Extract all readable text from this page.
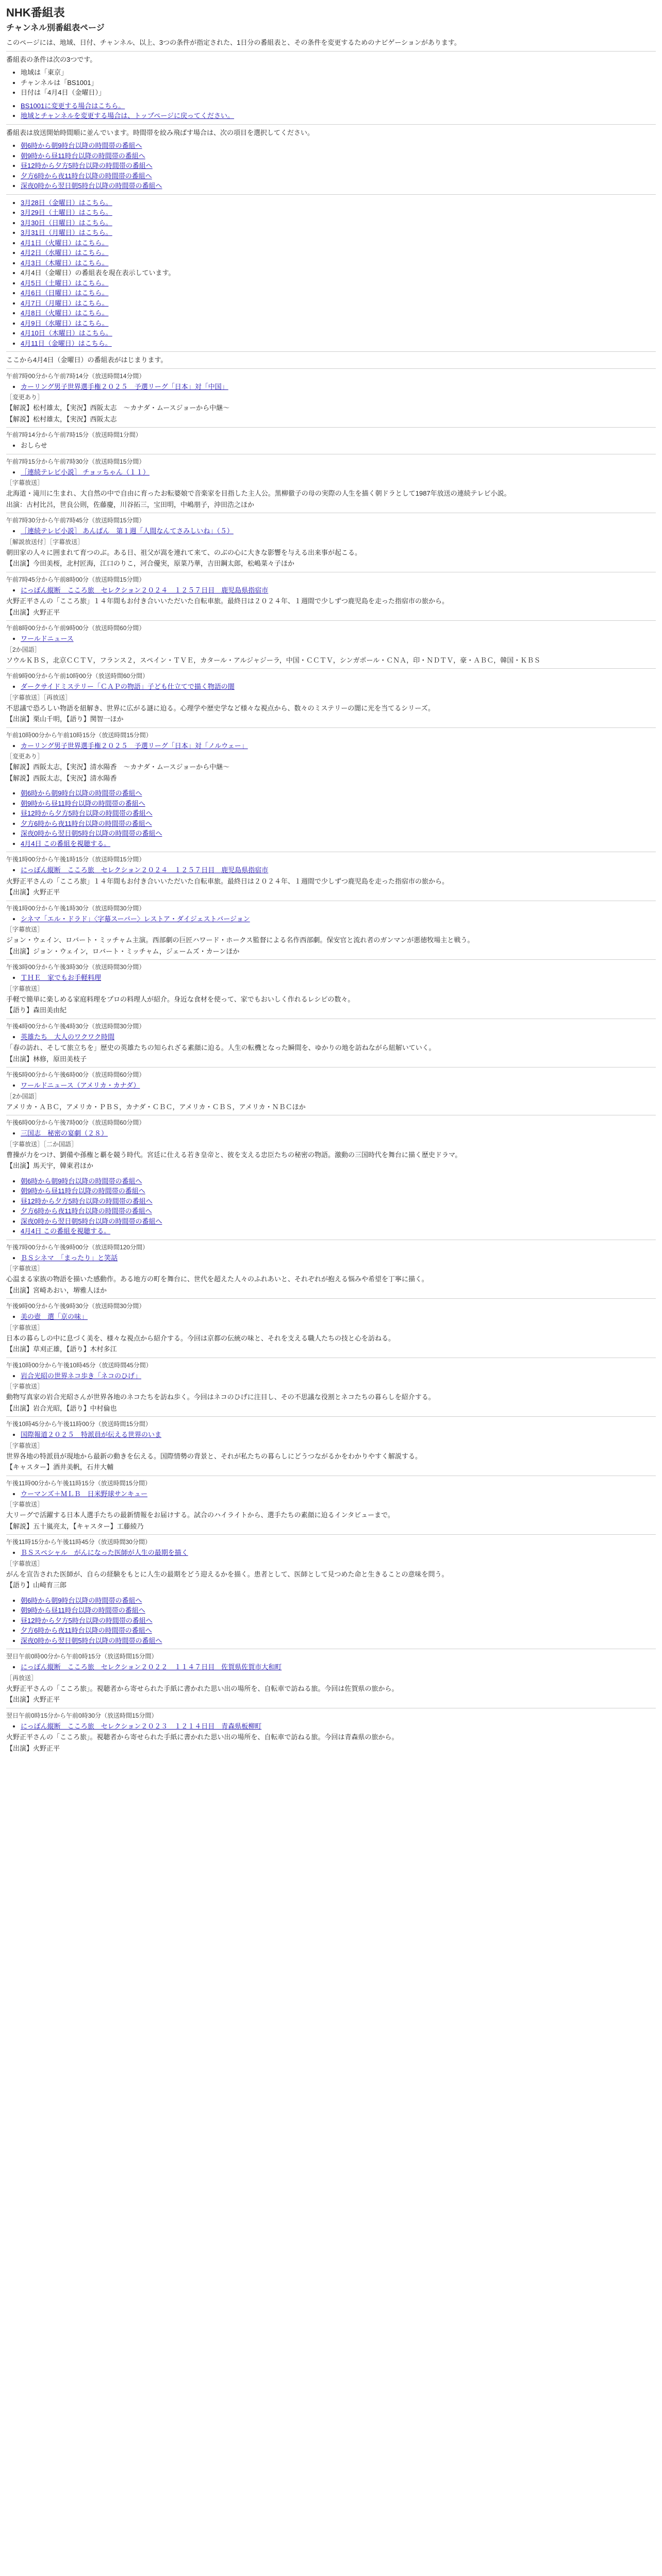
NHK番組表
チャンネル別番組表ページ

このページには、地域、日付、チャンネル、以上、3つの条件が指定された、1日分の番組表と、その条件を変更するためのナビゲーションがあります。

番組表の条件は次の3つです。

• 地域は「東京」
• チャンネルは「BS1001」
• 日付は「4月4日（金曜日）」
• BS1001に変更する場合はこちら。
• 地域とチャンネルを変更する場合は、トップページに戻ってください。

番組表は放送開始時間順に並んでいます。時間帯を絞み飛ばす場合は、次の項目を選択してください。

• 朝6時から朝9時台以降の時間帯の番組へ
• 朝9時から昼11時台以降の時間帯の番組へ
• 昼12時から夕方5時台以降の時間帯の番組へ
• 夕方6時から夜11時台以降の時間帯の番組へ
• 深夜0時から翌日朝5時台以降の時間帯の番組へ
• 3月28日（金曜日）はこちら。
• 3月29日（土曜日）はこちら。
• 3月30日（日曜日）はこちら。
• 3月31日（月曜日）はこちら。
• 4月1日（火曜日）はこちら。
• 4月2日（水曜日）はこちら。
• 4月3日（木曜日）はこちら。
• 4月4日（金曜日）の番組表を現在表示しています。
• 4月5日（土曜日）はこちら。
• 4月6日（日曜日）はこちら。
• 4月7日（月曜日）はこちら。
• 4月8日（火曜日）はこちら。
• 4月9日（水曜日）はこちら。
• 4月10日（木曜日）はこちら。
• 4月11日（金曜日）はこちら。

ここから4月4日（金曜日）の番組表がはじまります。

午前7時00分から午前7時14分（放送時間14分間）
• カーリング男子世界選手権２０２５　予選リーグ「日本」対「中国」
［変更あり］
【解説】松村雄太，【実況】西阪太志　～カナダ・ムースジョーから中継～
【解説】松村雄太，【実況】西阪太志
午前7時14分から午前7時15分（放送時間1分間）
• おしらせ
午前7時15分から午前7時30分（放送時間15分間）
• ［連続テレビ小説］ チョッちゃん（１１）
［字幕放送］
北海道・滝川に生まれ、大自然の中で自由に育ったお転婆娘で音楽家を目指した主人公。黒柳徹子の母の実際の人生を描く朝ドラとして1987年放送の連続テレビ小説。
出演：古村比呂，世良公則，佐藤慶，川谷拓三，宝田明，中嶋朋子，沖田浩之ほか
午前7時30分から午前7時45分（放送時間15分間）
• ［連続テレビ小説］ あんぱん　第１週「人間なんてさみしいね」（５）
［解説放送付］［字幕放送］
朝田家の人々に囲まれて育つのぶ。ある日、祖父が嵩を連れて来て、のぶの心に大きな影響を与える出来事が起こる。
【出演】今田美桜，北村匠海，江口のりこ，河合優実，原菜乃華，吉田鋼太郎，松嶋菜々子ほか
午前7時45分から午前8時00分（放送時間15分間）
• にっぽん縦断　こころ旅　セレクション２０２４　１２５７日目　鹿児島県指宿市
火野正平さんの「こころ旅」１４年間もお付き合いいただいた自転車旅。最終日は２０２４年、１週間で少しずつ鹿児島を走った指宿市の旅から。
【出演】火野正平
午前8時00分から午前9時00分（放送時間60分間）
• ワールドニュース
［2か国語］
ソウルＫＢＳ，北京ＣＣＴＶ，フランス２，スペイン・ＴＶＥ，カタール・アルジャジーラ，中国・ＣＣＴＶ，シンガポール・ＣＮＡ，印・ＮＤＴＶ，豪・ＡＢＣ，韓国・ＫＢＳ
午前9時00分から午前10時00分（放送時間60分間）
• ダークサイドミステリー「ＣＡＰの物語」子ども仕立てで描く物語の闇
［字幕放送］［再放送］
不思議で恐ろしい物語を紐解き、世界に広がる謎に迫る。心理学や歴史学など様々な視点から、数々のミステリーの闇に光を当てるシリーズ。
【出演】栗山千明，【語り】関智一ほか
午前10時00分から午前10時15分（放送時間15分間）
• カーリング男子世界選手権２０２５　予選リーグ「日本」対「ノルウェー」
［変更あり］
【解説】西阪太志，【実況】清水陽香　～カナダ・ムースジョーから中継～
【解説】西阪太志，【実況】清水陽香
• 朝6時から朝9時台以降の時間帯の番組へ
• 朝9時から昼11時台以降の時間帯の番組へ
• 昼12時から夕方5時台以降の時間帯の番組へ
• 夕方6時から夜11時台以降の時間帯の番組へ
• 深夜0時から翌日朝5時台以降の時間帯の番組へ
• 4月4日 この番組を視聴する。
午後1時00分から午後1時15分（放送時間15分間）
• にっぽん縦断　こころ旅　セレクション２０２４　１２５７日目　鹿児島県指宿市
火野正平さんの「こころ旅」１４年間もお付き合いいただいた自転車旅。最終日は２０２４年、１週間で少しずつ鹿児島を走った指宿市の旅から。
【出演】火野正平
午後1時00分から午後1時30分（放送時間30分間）
• シネマ「エル・ドラド」〈字幕スーパー〉レストア・ダイジェストバージョン
［字幕放送］
ジョン・ウェイン、ロバート・ミッチャム主演。西部劇の巨匠ハワード・ホークス監督による名作西部劇。保安官と流れ者のガンマンが悪徳牧場主と戦う。
【出演】ジョン・ウェイン，ロバート・ミッチャム，ジェームズ・カーンほか
午後3時00分から午後3時30分（放送時間30分間）
• ＴＨＥ　家でもお手軽料理
［字幕放送］
手軽で簡単に楽しめる家庭料理をプロの料理人が紹介。身近な食材を使って、家でもおいしく作れるレシピの数々。
【語り】森田美由紀
午後4時00分から午後4時30分（放送時間30分間）
• 英雄たち　大人のワクワク時間
「春の訪れ、そして旅立ちを」歴史の英雄たちの知られざる素顔に迫る。人生の転機となった瞬間を、ゆかりの地を訪ねながら紐解いていく。
【出演】林修，原田美枝子
午後5時00分から午後6時00分（放送時間60分間）
• ワールドニュース（アメリカ・カナダ）
［2か国語］
アメリカ・ＡＢＣ，アメリカ・ＰＢＳ，カナダ・ＣＢＣ，アメリカ・ＣＢＳ，アメリカ・ＮＢＣほか
午後6時00分から午後7時00分（放送時間60分間）
• 三国志　秘密の宴劇（２８）
［字幕放送］［二か国語］
曹操が力をつけ、劉備や孫権と覇を競う時代。宮廷に仕える若き皇帝と、彼を支える忠臣たちの秘密の物語。激動の三国時代を舞台に描く歴史ドラマ。
【出演】馬天宇，韓東君ほか
• 朝6時から朝9時台以降の時間帯の番組へ
• 朝9時から昼11時台以降の時間帯の番組へ
• 昼12時から夕方5時台以降の時間帯の番組へ
• 夕方6時から夜11時台以降の時間帯の番組へ
• 深夜0時から翌日朝5時台以降の時間帯の番組へ
• 4月4日 この番組を視聴する。
午後7時00分から午後9時00分（放送時間120分間）
• ＢＳシネマ　「まったり」と笑話
［字幕放送］
心温まる家族の物語を描いた感動作。ある地方の町を舞台に、世代を超えた人々のふれあいと、それぞれが抱える悩みや希望を丁寧に描く。
【出演】宮崎あおい，堺雅人ほか
午後9時00分から午後9時30分（放送時間30分間）
• 美の壺　選「京の味」
［字幕放送］
日本の暮らしの中に息づく美を、様々な視点から紹介する。今回は京都の伝統の味と、それを支える職人たちの技と心を訪ねる。
【出演】草刈正雄，【語り】木村多江
午後10時00分から午後10時45分（放送時間45分間）
• 岩合光昭の世界ネコ歩き「ネコのひげ」
［字幕放送］
動物写真家の岩合光昭さんが世界各地のネコたちを訪ね歩く。今回はネコのひげに注目し、その不思議な役割とネコたちの暮らしを紹介する。
【出演】岩合光昭，【語り】中村倫也
午後10時45分から午後11時00分（放送時間15分間）
• 国際報道２０２５　特派員が伝える世界のいま
［字幕放送］
世界各地の特派員が現地から最新の動きを伝える。国際情勢の背景と、それが私たちの暮らしにどうつながるかをわかりやすく解説する。
【キャスター】酒井美帆，石井大輔
午後11時00分から午後11時15分（放送時間15分間）
• ウーマンズ＋ＭＬＢ　日米野球サンキュー
［字幕放送］
大リーグで活躍する日本人選手たちの最新情報をお届けする。試合のハイライトから、選手たちの素顔に迫るインタビューまで。
【解説】五十嵐亮太，【キャスター】工藤綾乃
午後11時15分から午後11時45分（放送時間30分間）
• ＢＳスペシャル　がんになった医師が人生の最期を描く
［字幕放送］
がんを宣告された医師が、自らの経験をもとに人生の最期をどう迎えるかを描く。患者として、医師として見つめた命と生きることの意味を問う。
【語り】山崎育三郎
• 朝6時から朝9時台以降の時間帯の番組へ
• 朝9時から昼11時台以降の時間帯の番組へ
• 昼12時から夕方5時台以降の時間帯の番組へ
• 夕方6時から夜11時台以降の時間帯の番組へ
• 深夜0時から翌日朝5時台以降の時間帯の番組へ
翌日午前0時00分から午前0時15分（放送時間15分間）
• にっぽん縦断　こころ旅　セレクション２０２２　１１４７日目　佐賀県佐賀市大和町
［再放送］
火野正平さんの「こころ旅」。視聴者から寄せられた手紙に書かれた思い出の場所を、自転車で訪ねる旅。今回は佐賀県の旅から。
【出演】火野正平
翌日午前0時15分から午前0時30分（放送時間15分間）
• にっぽん縦断　こころ旅　セレクション２０２３　１２１４日目　青森県板柳町
火野正平さんの「こころ旅」。視聴者から寄せられた手紙に書かれた思い出の場所を、自転車で訪ねる旅。今回は青森県の旅から。
【出演】火野正平
